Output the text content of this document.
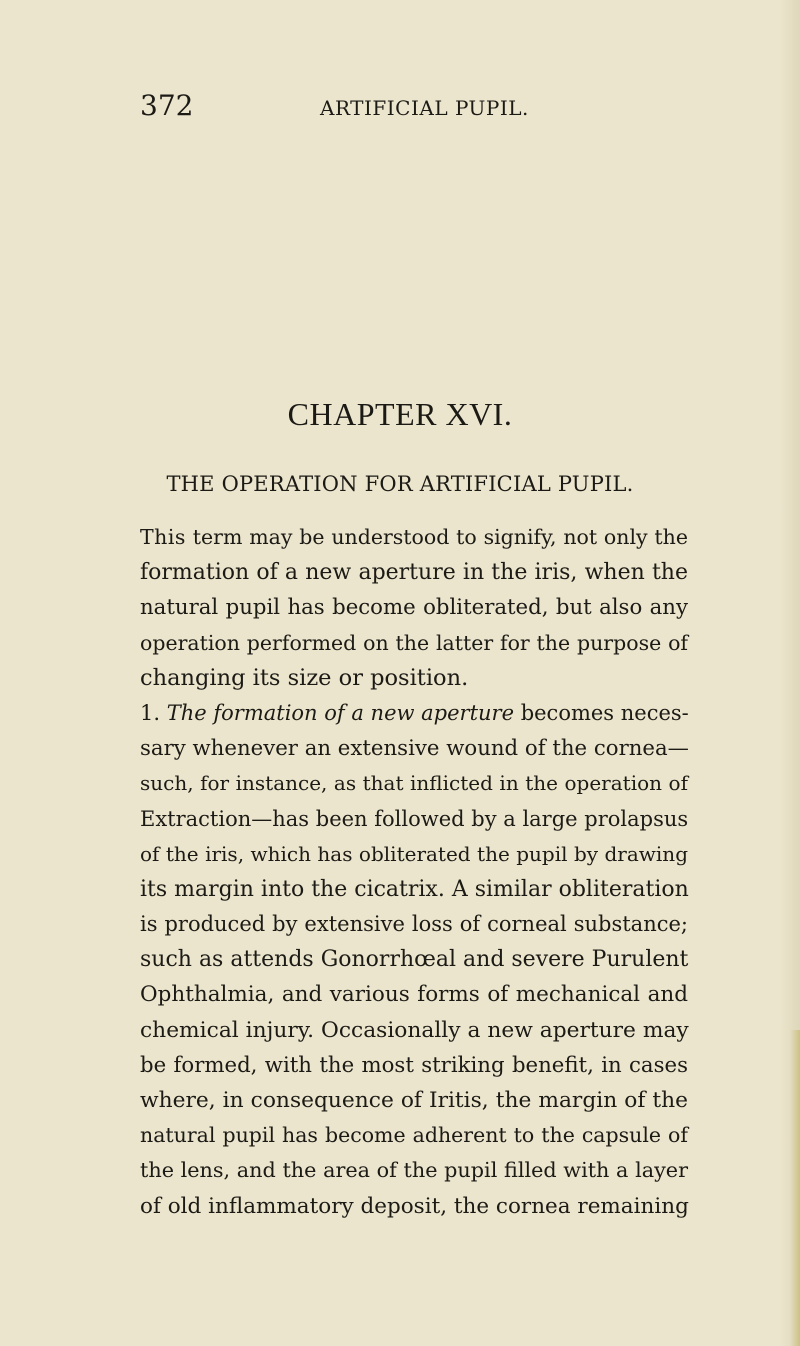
372	ARTIFICIAL PUPIL.
CHAPTER XVI.
THE OPERATION FOR ARTIFICIAL PUPIL.
This term may be understood to signify, not only the
formation of a new aperture in the iris, when the
natural pupil has become obliterated, but also any
operation performed on the latter for the purpose of
changing its size or position.
1. The formation of a new aperture becomes neces-
sary whenever an extensive wound of the cornea—
such, for instance, as that inflicted in the operation of
Extraction—has been followed by a large prolapsus
of the iris, which has obliterated the pupil by drawing
its margin into the cicatrix. A similar obliteration
is produced by extensive loss of corneal substance;
such as attends Gonorrhœal and severe Purulent
Ophthalmia, and various forms of mechanical and
chemical injury. Occasionally a new aperture may
be formed, with the most striking benefit, in cases
where, in consequence of Iritis, the margin of the
natural pupil has become adherent to the capsule of
the lens, and the area of the pupil filled with a layer
of old inflammatory deposit, the cornea remaining
